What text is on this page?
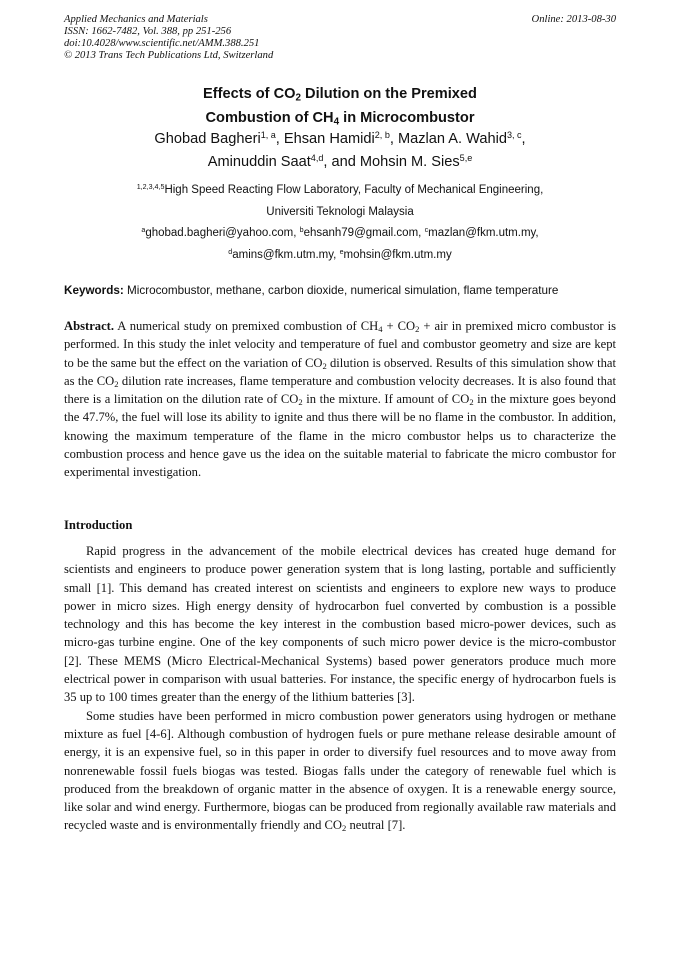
Applied Mechanics and Materials
ISSN: 1662-7482, Vol. 388, pp 251-256
doi:10.4028/www.scientific.net/AMM.388.251
© 2013 Trans Tech Publications Ltd, Switzerland
Online: 2013-08-30
Effects of $CO_2$ Dilution on the Premixed
Combustion of $CH_4$ in Microcombustor
Ghobad Bagheri$^{1, a}$, Ehsan Hamidi$^{2, b}$, Mazlan A. Wahid$^{3, c}$,
Aminuddin Saat$^{4,d}$, and Mohsin M. Sies$^{5,e}$
$^{1,2,3,4,5}$High Speed Reacting Flow Laboratory, Faculty of Mechanical Engineering,
Universiti Teknologi Malaysia
$^a$ghobad.bagheri@yahoo.com, $^b$ehsanh79@gmail.com, $^c$mazlan@fkm.utm.my,
$^d$amins@fkm.utm.my, $^e$mohsin@fkm.utm.my
Keywords: Microcombustor, methane, carbon dioxide, numerical simulation, flame temperature
Abstract. A numerical study on premixed combustion of $CH_4 + CO_2$ + air in premixed micro combustor is performed. In this study the inlet velocity and temperature of fuel and combustor geometry and size are kept to be the same but the effect on the variation of $CO_2$ dilution is observed. Results of this simulation show that as the $CO_2$ dilution rate increases, flame temperature and combustion velocity decreases. It is also found that there is a limitation on the dilution rate of $CO_2$ in the mixture. If amount of $CO_2$ in the mixture goes beyond the 47.7%, the fuel will lose its ability to ignite and thus there will be no flame in the combustor. In addition, knowing the maximum temperature of the flame in the micro combustor helps us to characterize the combustion process and hence gave us the idea on the suitable material to fabricate the micro combustor for experimental investigation.
Introduction

Rapid progress in the advancement of the mobile electrical devices has created huge demand for scientists and engineers to produce power generation system that is long lasting, portable and sufficiently small [1]. This demand has created interest on scientists and engineers to explore new ways to produce power in micro sizes. High energy density of hydrocarbon fuel converted by combustion is a possible technology and this has become the key interest in the combustion based micro-power devices, such as micro-gas turbine engine. One of the key components of such micro power device is the micro-combustor [2]. These MEMS (Micro Electrical-Mechanical Systems) based power generators produce much more electrical power in comparison with usual batteries. For instance, the specific energy of hydrocarbon fuels is 35 up to 100 times greater than the energy of the lithium batteries [3].

Some studies have been performed in micro combustion power generators using hydrogen or methane mixture as fuel [4-6]. Although combustion of hydrogen fuels or pure methane release desirable amount of energy, it is an expensive fuel, so in this paper in order to diversify fuel resources and to move away from nonrenewable fossil fuels biogas was tested. Biogas falls under the category of renewable fuel which is produced from the breakdown of organic matter in the absence of oxygen. It is a renewable energy source, like solar and wind energy. Furthermore, biogas can be produced from regionally available raw materials and recycled waste and is environmentally friendly and $CO_2$ neutral [7].
